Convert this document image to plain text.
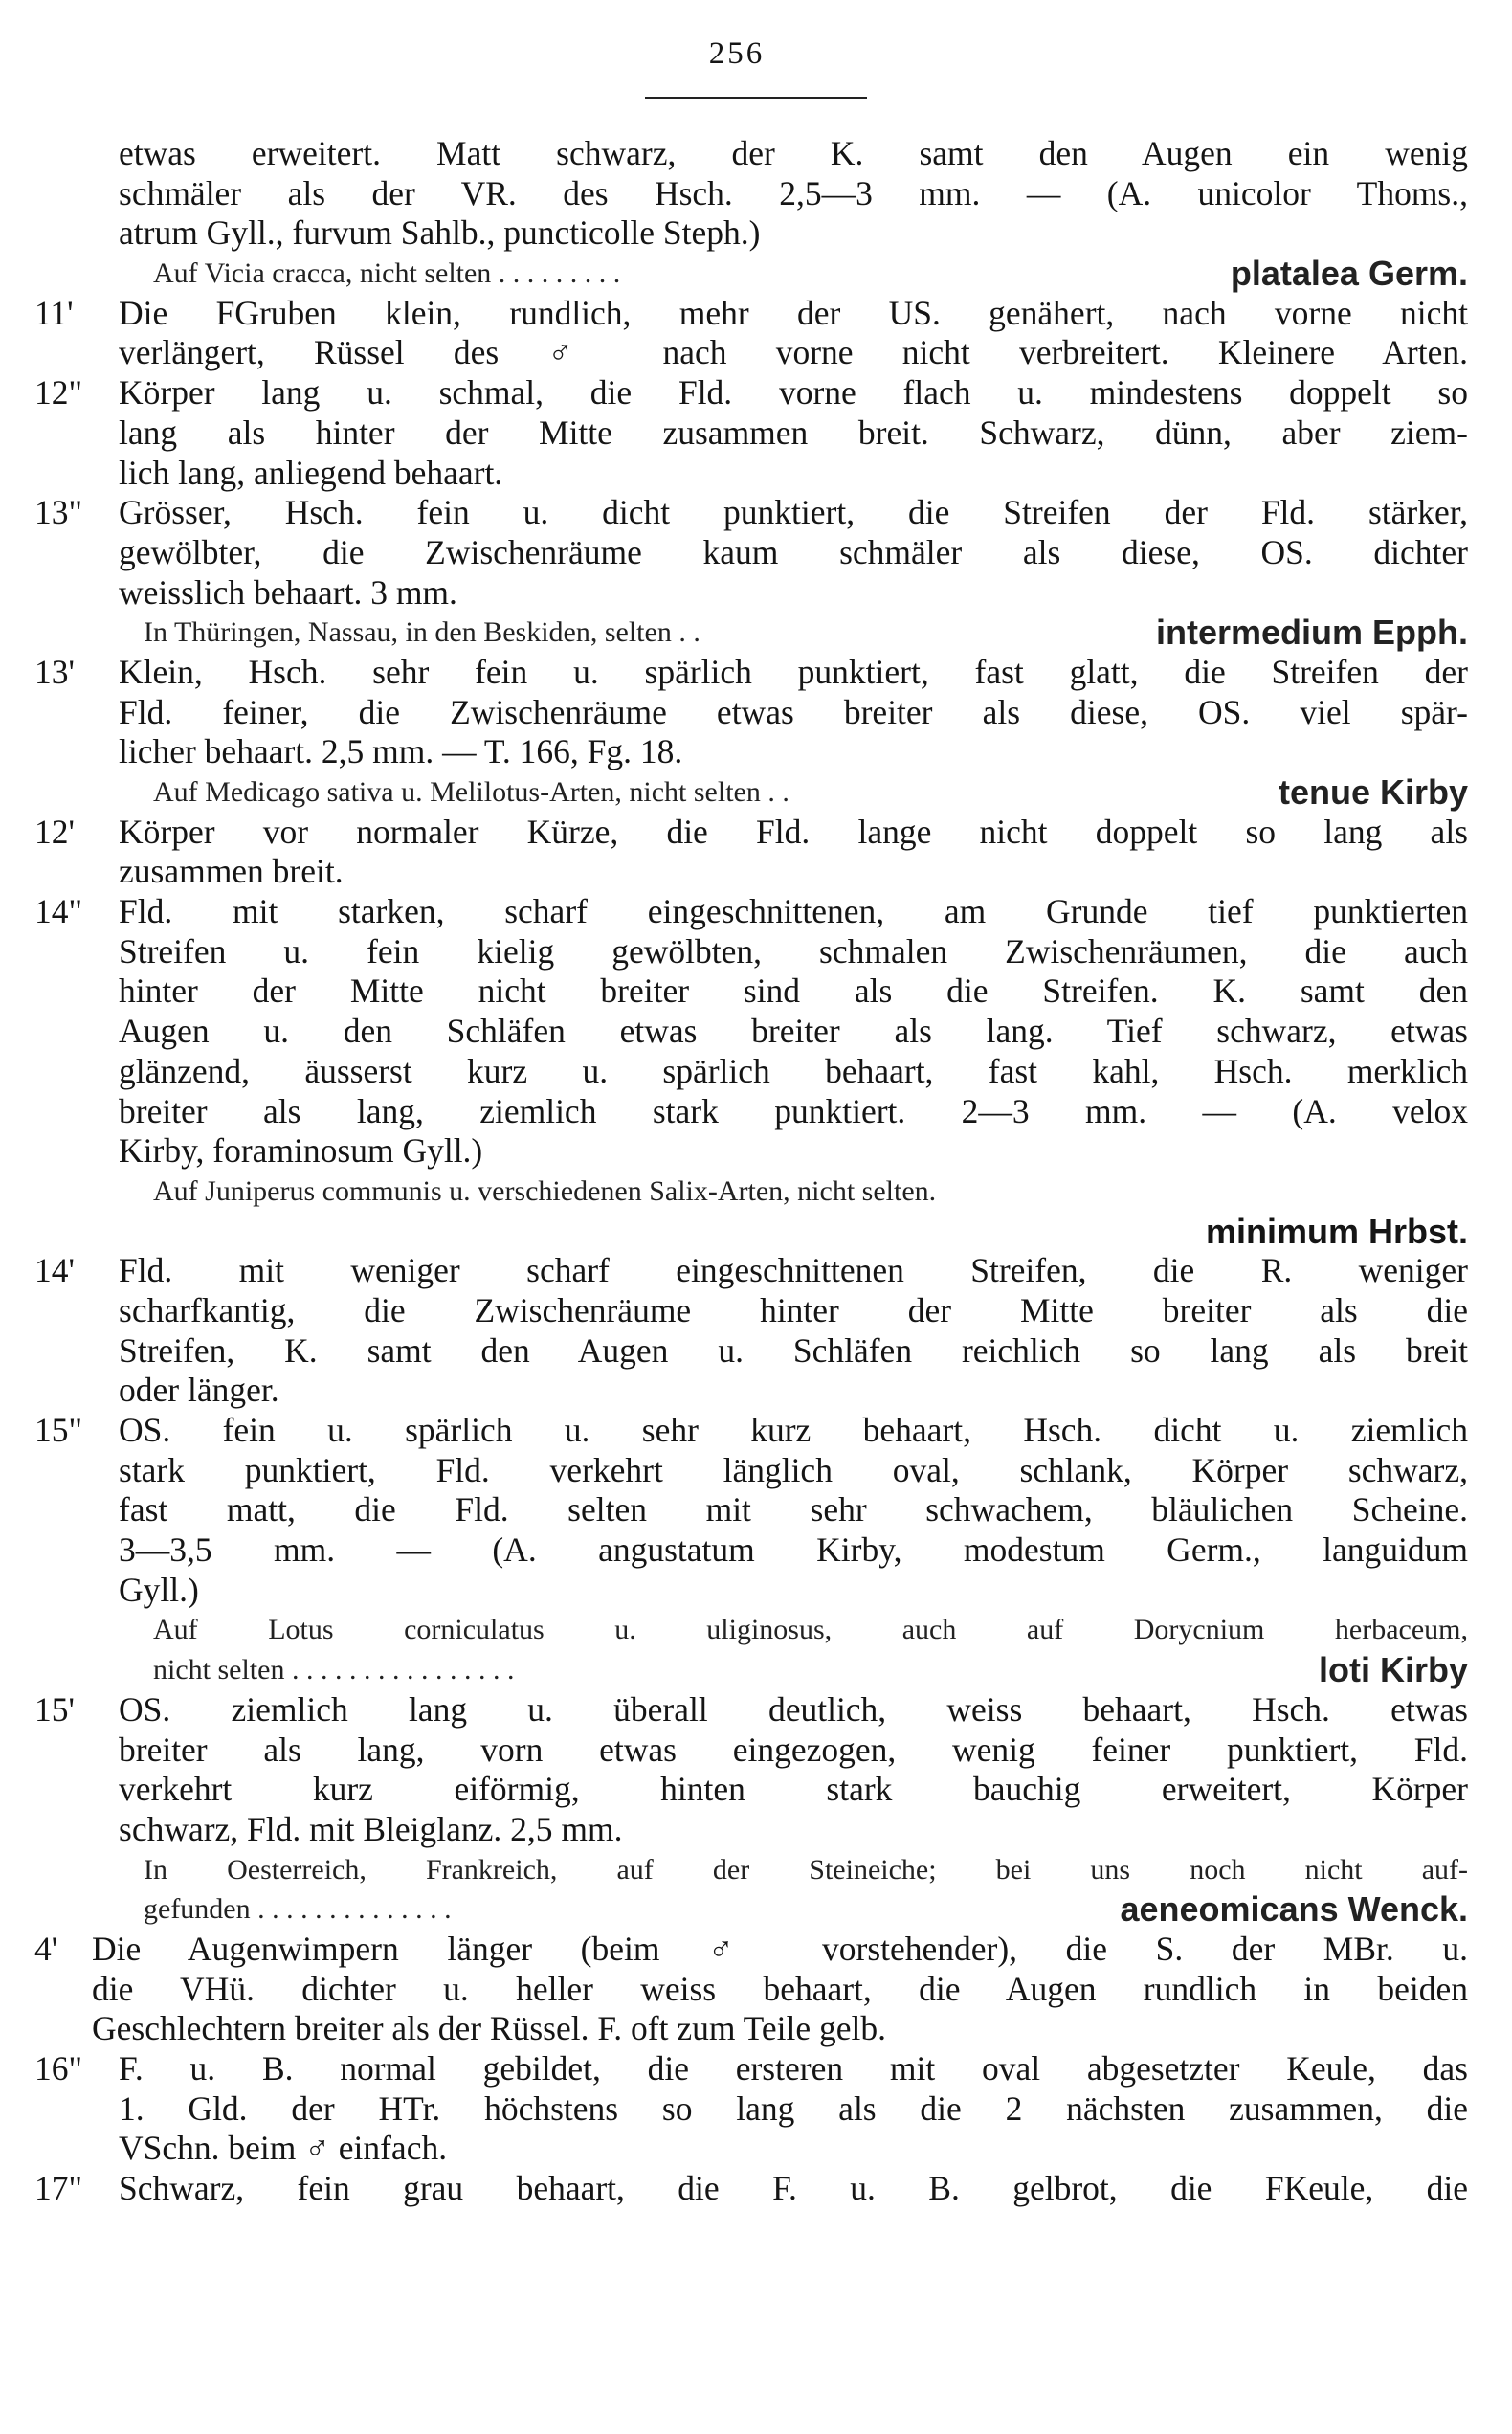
256
etwas erweitert. Matt schwarz, der K. samt den Augen ein wenig
schmäler als der VR. des Hsch. 2,5—3 mm. — (A. unicolor Thoms.,
atrum Gyll., furvum Sahlb., puncticolle Steph.)
Auf Vicia cracca, nicht selten . . . . . . . . .	platalea Germ.
11'	Die FGruben klein, rundlich, mehr der US. genähert, nach vorne nicht
verlängert, Rüssel des ♂ nach vorne nicht verbreitert. Kleinere Arten.
12"	Körper lang u. schmal, die Fld. vorne flach u. mindestens doppelt so
lang als hinter der Mitte zusammen breit. Schwarz, dünn, aber ziem-
lich lang, anliegend behaart.
13"	Grösser, Hsch. fein u. dicht punktiert, die Streifen der Fld. stärker,
gewölbter, die Zwischenräume kaum schmäler als diese, OS. dichter
weisslich behaart. 3 mm.
In Thüringen, Nassau, in den Beskiden, selten . .	intermedium Epph.
13'	Klein, Hsch. sehr fein u. spärlich punktiert, fast glatt, die Streifen der
Fld. feiner, die Zwischenräume etwas breiter als diese, OS. viel spär-
licher behaart. 2,5 mm. — T. 166, Fg. 18.
Auf Medicago sativa u. Melilotus-Arten, nicht selten . .	tenue Kirby
12'	Körper vor normaler Kürze, die Fld. lange nicht doppelt so lang als
zusammen breit.
14"	Fld. mit starken, scharf eingeschnittenen, am Grunde tief punktierten
Streifen u. fein kielig gewölbten, schmalen Zwischenräumen, die auch
hinter der Mitte nicht breiter sind als die Streifen. K. samt den
Augen u. den Schläfen etwas breiter als lang. Tief schwarz, etwas
glänzend, äusserst kurz u. spärlich behaart, fast kahl, Hsch. merklich
breiter als lang, ziemlich stark punktiert. 2—3 mm. — (A. velox
Kirby, foraminosum Gyll.)
Auf Juniperus communis u. verschiedenen Salix-Arten, nicht selten.
minimum Hrbst.
14'	Fld. mit weniger scharf eingeschnittenen Streifen, die R. weniger
scharfkantig, die Zwischenräume hinter der Mitte breiter als die
Streifen, K. samt den Augen u. Schläfen reichlich so lang als breit
oder länger.
15"	OS. fein u. spärlich u. sehr kurz behaart, Hsch. dicht u. ziemlich
stark punktiert, Fld. verkehrt länglich oval, schlank, Körper schwarz,
fast matt, die Fld. selten mit sehr schwachem, bläulichen Scheine.
3—3,5 mm. — (A. angustatum Kirby, modestum Germ., languidum
Gyll.)
Auf Lotus corniculatus u. uliginosus, auch auf Dorycnium herbaceum,
nicht selten . . . . . . . . . . . . . . . .	loti Kirby
15'	OS. ziemlich lang u. überall deutlich, weiss behaart, Hsch. etwas
breiter als lang, vorn etwas eingezogen, wenig feiner punktiert, Fld.
verkehrt kurz eiförmig, hinten stark bauchig erweitert, Körper
schwarz, Fld. mit Bleiglanz. 2,5 mm.
In Oesterreich, Frankreich, auf der Steineiche; bei uns noch nicht auf-
gefunden . . . . . . . . . . . . . .	aeneomicans Wenck.
4'	Die Augenwimpern länger (beim ♂ vorstehender), die S. der MBr. u.
die VHü. dichter u. heller weiss behaart, die Augen rundlich in beiden
Geschlechtern breiter als der Rüssel. F. oft zum Teile gelb.
16"	F. u. B. normal gebildet, die ersteren mit oval abgesetzter Keule, das
1. Gld. der HTr. höchstens so lang als die 2 nächsten zusammen, die
VSchn. beim ♂ einfach.
17"	Schwarz, fein grau behaart, die F. u. B. gelbrot, die FKeule, die
